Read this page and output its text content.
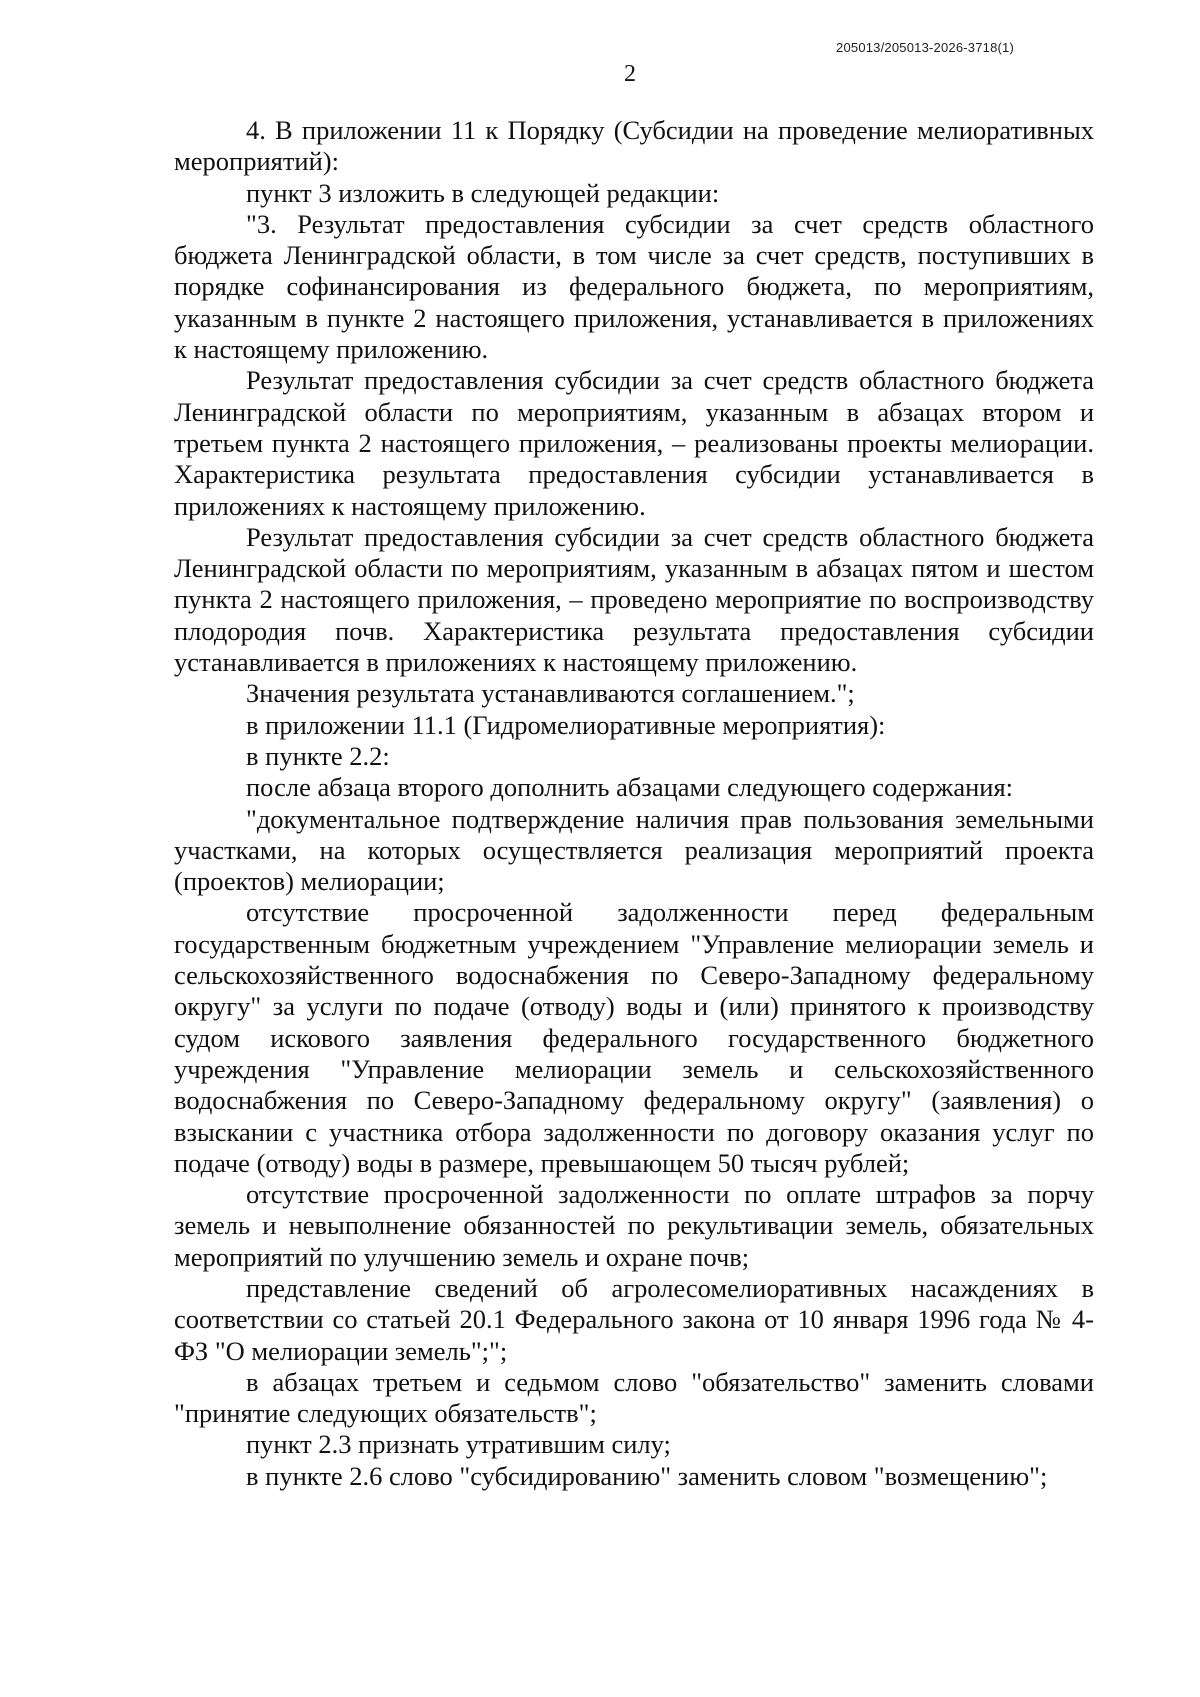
205013/205013-2026-3718(1)
2

4. В приложении 11 к Порядку (Субсидии на проведение мелиоративных мероприятий):

пункт 3 изложить в следующей редакции:

"3. Результат предоставления субсидии за счет средств областного бюджета Ленинградской области, в том числе за счет средств, поступивших в порядке софинансирования из федерального бюджета, по мероприятиям, указанным в пункте 2 настоящего приложения, устанавливается в приложениях к настоящему приложению.

Результат предоставления субсидии за счет средств областного бюджета Ленинградской области по мероприятиям, указанным в абзацах втором и третьем пункта 2 настоящего приложения, – реализованы проекты мелиорации. Характеристика результата предоставления субсидии устанавливается в приложениях к настоящему приложению.

Результат предоставления субсидии за счет средств областного бюджета Ленинградской области по мероприятиям, указанным в абзацах пятом и шестом пункта 2 настоящего приложения, – проведено мероприятие по воспроизводству плодородия почв. Характеристика результата предоставления субсидии устанавливается в приложениях к настоящему приложению.

Значения результата устанавливаются соглашением.";

в приложении 11.1 (Гидромелиоративные мероприятия):

в пункте 2.2:

после абзаца второго дополнить абзацами следующего содержания:

"документальное подтверждение наличия прав пользования земельными участками, на которых осуществляется реализация мероприятий проекта (проектов) мелиорации;

отсутствие просроченной задолженности перед федеральным государственным бюджетным учреждением "Управление мелиорации земель и сельскохозяйственного водоснабжения по Северо-Западному федеральному округу" за услуги по подаче (отводу) воды и (или) принятого к производству судом искового заявления федерального государственного бюджетного учреждения "Управление мелиорации земель и сельскохозяйственного водоснабжения по Северо-Западному федеральному округу" (заявления) о взыскании с участника отбора задолженности по договору оказания услуг по подаче (отводу) воды в размере, превышающем 50 тысяч рублей;

отсутствие просроченной задолженности по оплате штрафов за порчу земель и невыполнение обязанностей по рекультивации земель, обязательных мероприятий по улучшению земель и охране почв;

представление сведений об агролесомелиоративных насаждениях в соответствии со статьей 20.1 Федерального закона от 10 января 1996 года № 4-ФЗ "О мелиорации земель";";

в абзацах третьем и седьмом слово "обязательство" заменить словами "принятие следующих обязательств";

пункт 2.3 признать утратившим силу;

в пункте 2.6 слово "субсидированию" заменить словом "возмещению";
